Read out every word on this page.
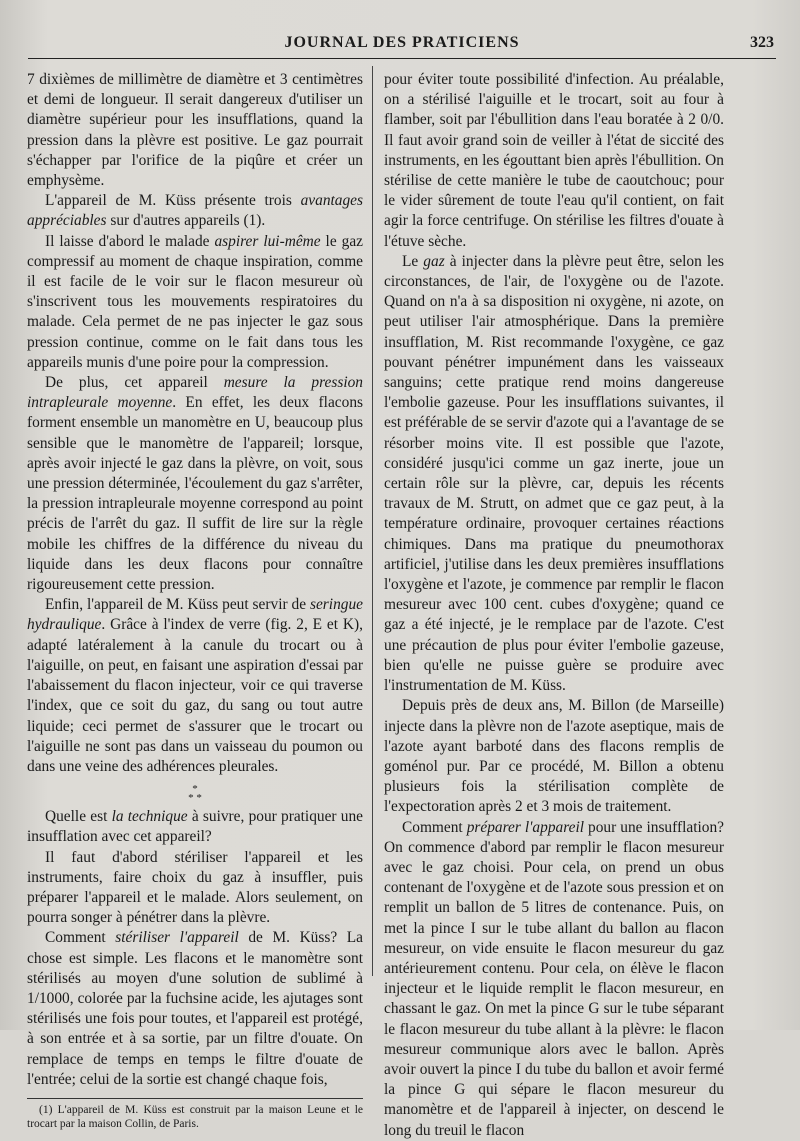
JOURNAL DES PRATICIENS	323

7 dixièmes de millimètre de diamètre et 3 centimètres et demi de longueur. Il serait dangereux d'utiliser un diamètre supérieur pour les insufflations, quand la pression dans la plèvre est positive. Le gaz pourrait s'échapper par l'orifice de la piqûre et créer un emphysème.

L'appareil de M. Küss présente trois avantages appréciables sur d'autres appareils (1).

Il laisse d'abord le malade aspirer lui-même le gaz compressif au moment de chaque inspiration, comme il est facile de le voir sur le flacon mesureur où s'inscrivent tous les mouvements respiratoires du malade. Cela permet de ne pas injecter le gaz sous pression continue, comme on le fait dans tous les appareils munis d'une poire pour la compression.

De plus, cet appareil mesure la pression intrapleurale moyenne. En effet, les deux flacons forment ensemble un manomètre en U, beaucoup plus sensible que le manomètre de l'appareil; lorsque, après avoir injecté le gaz dans la plèvre, on voit, sous une pression déterminée, l'écoulement du gaz s'arrêter, la pression intrapleurale moyenne correspond au point précis de l'arrêt du gaz. Il suffit de lire sur la règle mobile les chiffres de la différence du niveau du liquide dans les deux flacons pour connaître rigoureusement cette pression.

Enfin, l'appareil de M. Küss peut servir de seringue hydraulique. Grâce à l'index de verre (fig. 2, E et K), adapté latéralement à la canule du trocart ou à l'aiguille, on peut, en faisant une aspiration d'essai par l'abaissement du flacon injecteur, voir ce qui traverse l'index, que ce soit du gaz, du sang ou tout autre liquide; ceci permet de s'assurer que le trocart ou l'aiguille ne sont pas dans un vaisseau du poumon ou dans une veine des adhérences pleurales.

*
* *

Quelle est la technique à suivre, pour pratiquer une insufflation avec cet appareil?

Il faut d'abord stériliser l'appareil et les instruments, faire choix du gaz à insuffler, puis préparer l'appareil et le malade. Alors seulement, on pourra songer à pénétrer dans la plèvre.

Comment stériliser l'appareil de M. Küss? La chose est simple. Les flacons et le manomètre sont stérilisés au moyen d'une solution de sublimé à 1/1000, colorée par la fuchsine acide, les ajutages sont stérilisés une fois pour toutes, et l'appareil est protégé, à son entrée et à sa sortie, par un filtre d'ouate. On remplace de temps en temps le filtre d'ouate de l'entrée; celui de la sortie est changé chaque fois,

(1) L'appareil de M. Küss est construit par la maison Leune et le trocart par la maison Collin, de Paris.

pour éviter toute possibilité d'infection. Au préalable, on a stérilisé l'aiguille et le trocart, soit au four à flamber, soit par l'ébullition dans l'eau boratée à 2 0/0. Il faut avoir grand soin de veiller à l'état de siccité des instruments, en les égouttant bien après l'ébullition. On stérilise de cette manière le tube de caoutchouc; pour le vider sûrement de toute l'eau qu'il contient, on fait agir la force centrifuge. On stérilise les filtres d'ouate à l'étuve sèche.

Le gaz à injecter dans la plèvre peut être, selon les circonstances, de l'air, de l'oxygène ou de l'azote. Quand on n'a à sa disposition ni oxygène, ni azote, on peut utiliser l'air atmosphérique. Dans la première insufflation, M. Rist recommande l'oxygène, ce gaz pouvant pénétrer impunément dans les vaisseaux sanguins; cette pratique rend moins dangereuse l'embolie gazeuse. Pour les insufflations suivantes, il est préférable de se servir d'azote qui a l'avantage de se résorber moins vite. Il est possible que l'azote, considéré jusqu'ici comme un gaz inerte, joue un certain rôle sur la plèvre, car, depuis les récents travaux de M. Strutt, on admet que ce gaz peut, à la température ordinaire, provoquer certaines réactions chimiques. Dans ma pratique du pneumothorax artificiel, j'utilise dans les deux premières insufflations l'oxygène et l'azote, je commence par remplir le flacon mesureur avec 100 cent. cubes d'oxygène; quand ce gaz a été injecté, je le remplace par de l'azote. C'est une précaution de plus pour éviter l'embolie gazeuse, bien qu'elle ne puisse guère se produire avec l'instrumentation de M. Küss.

Depuis près de deux ans, M. Billon (de Marseille) injecte dans la plèvre non de l'azote aseptique, mais de l'azote ayant barboté dans des flacons remplis de goménol pur. Par ce procédé, M. Billon a obtenu plusieurs fois la stérilisation complète de l'expectoration après 2 et 3 mois de traitement.

Comment préparer l'appareil pour une insufflation? On commence d'abord par remplir le flacon mesureur avec le gaz choisi. Pour cela, on prend un obus contenant de l'oxygène et de l'azote sous pression et on remplit un ballon de 5 litres de contenance. Puis, on met la pince I sur le tube allant du ballon au flacon mesureur, on vide ensuite le flacon mesureur du gaz antérieurement contenu. Pour cela, on élève le flacon injecteur et le liquide remplit le flacon mesureur, en chassant le gaz. On met la pince G sur le tube séparant le flacon mesureur du tube allant à la plèvre: le flacon mesureur communique alors avec le ballon. Après avoir ouvert la pince I du tube du ballon et avoir fermé la pince G qui sépare le flacon mesureur du manomètre et de l'appareil à injecter, on descend le long du treuil le flacon
